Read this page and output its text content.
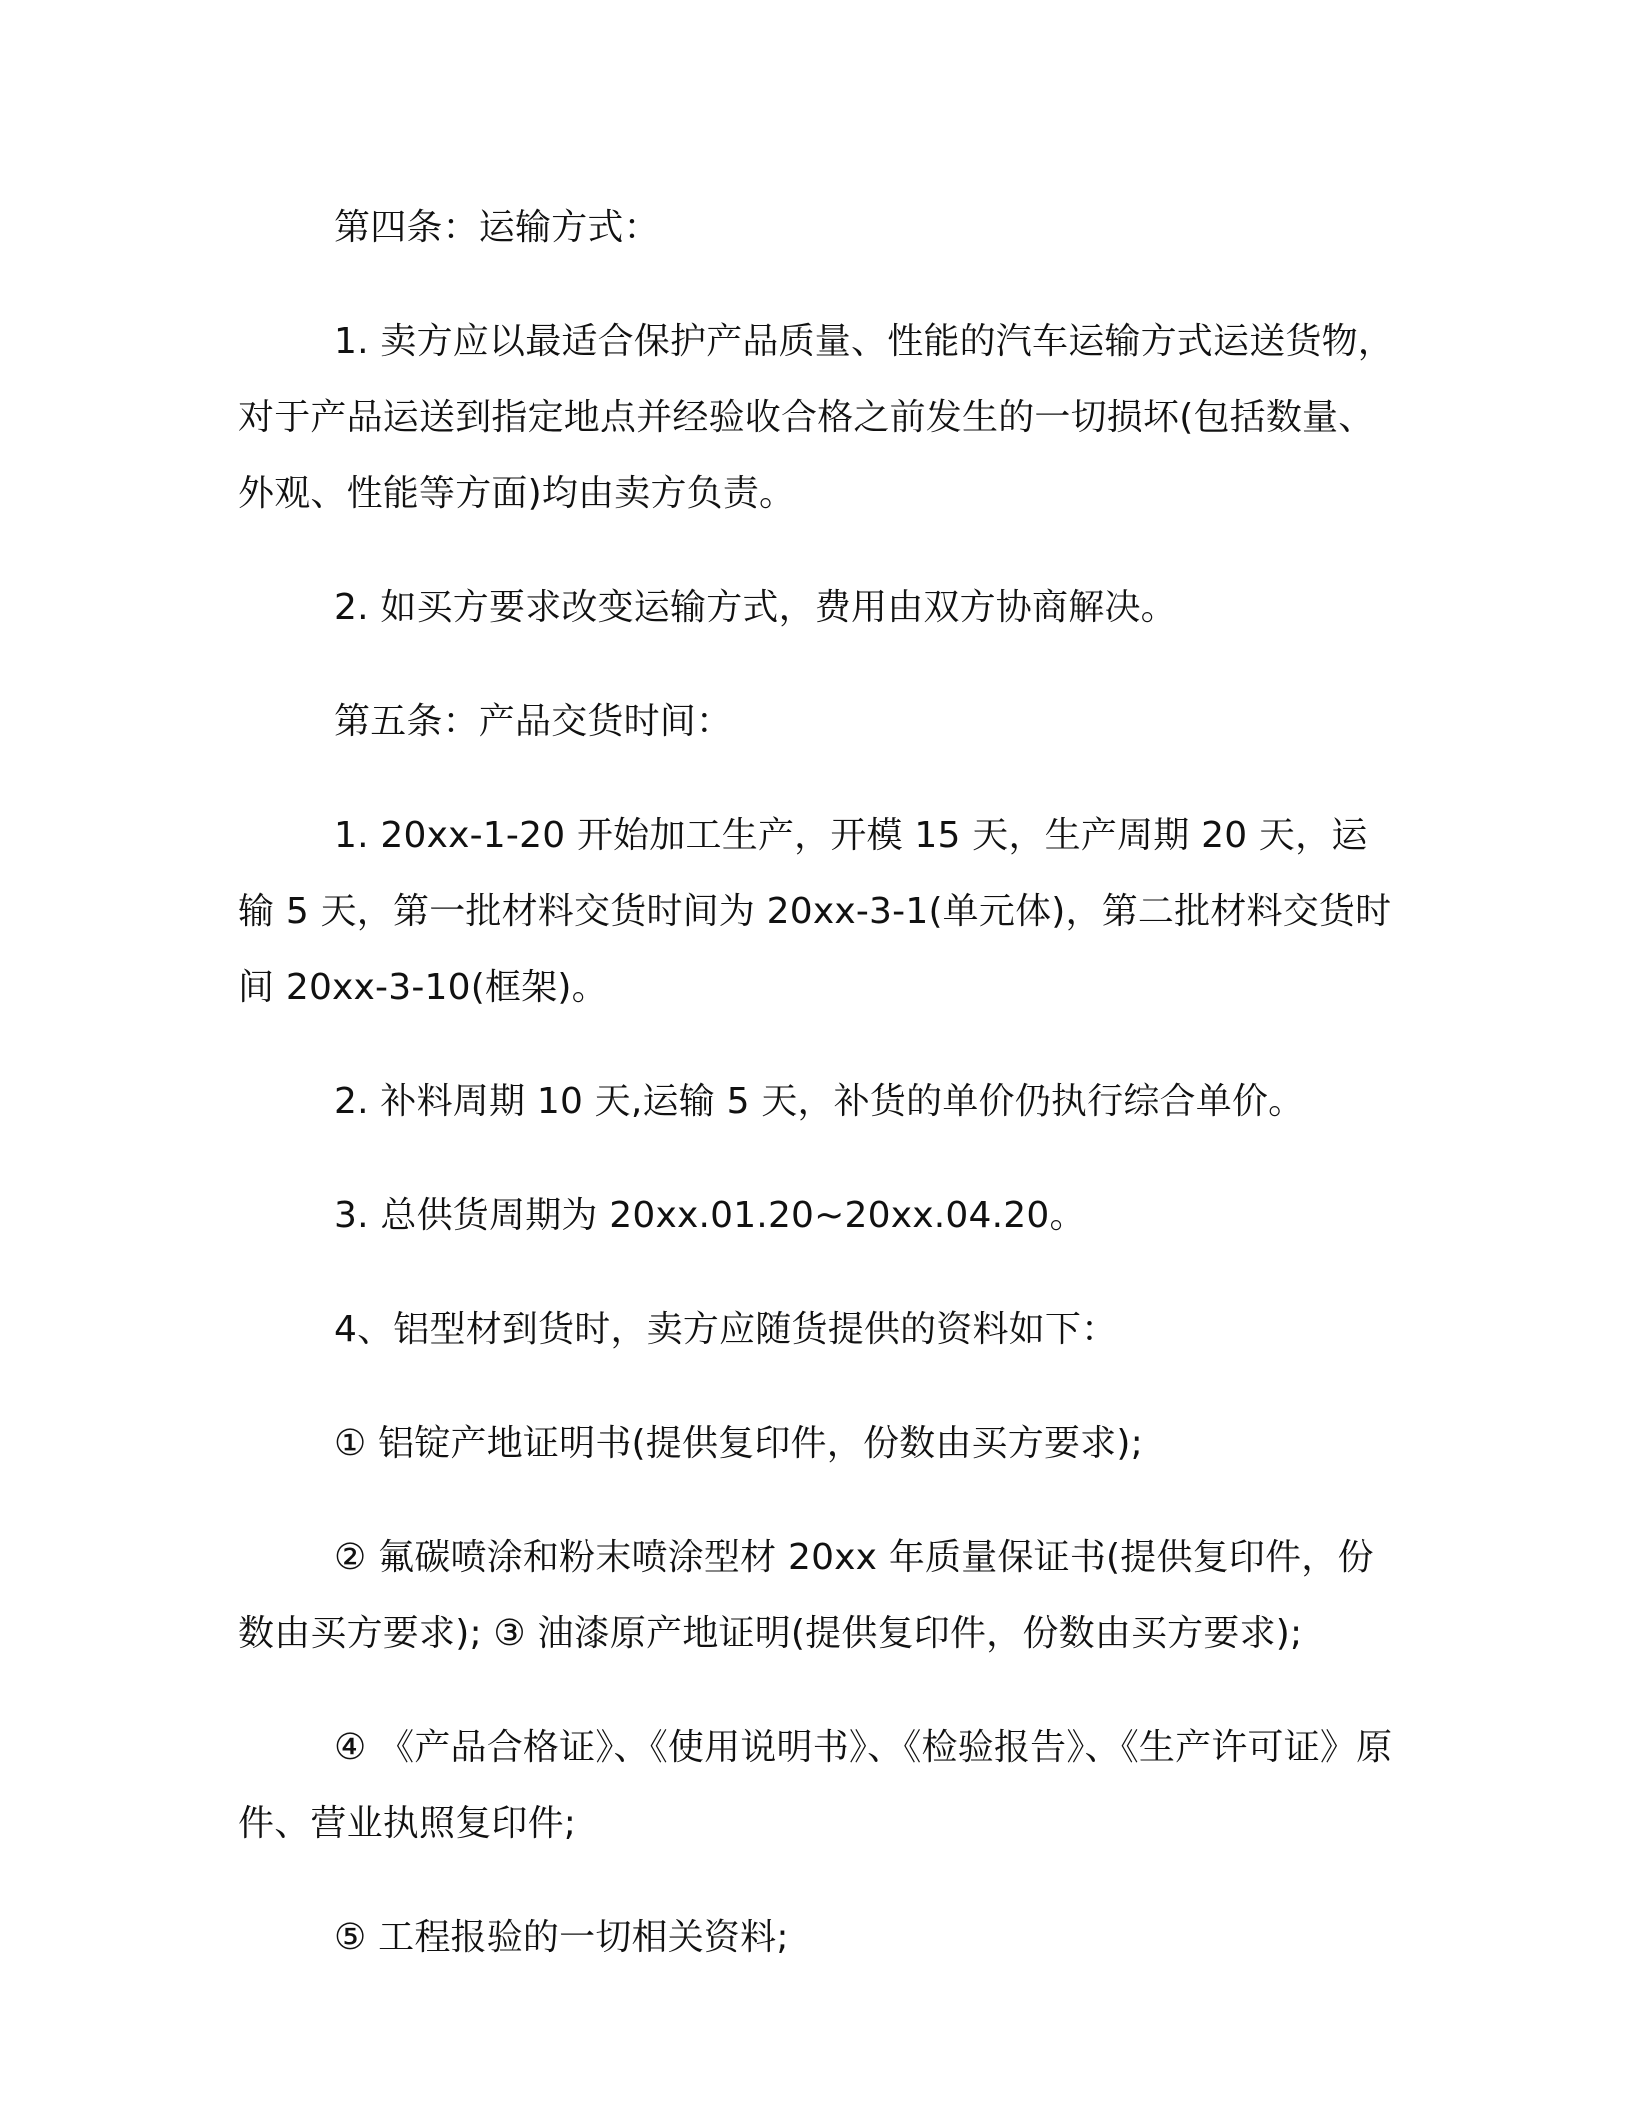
第四条：运输方式：

1. 卖方应以最适合保护产品质量、性能的汽车运输方式运送货物，对于产品运送到指定地点并经验收合格之前发生的一切损坏(包括数量、外观、性能等方面)均由卖方负责。

2. 如买方要求改变运输方式，费用由双方协商解决。

第五条：产品交货时间：

1. 20xx-1-20 开始加工生产，开模 15 天，生产周期 20 天，运输 5 天，第一批材料交货时间为 20xx-3-1(单元体)，第二批材料交货时间 20xx-3-10(框架)。

2. 补料周期 10 天,运输 5 天，补货的单价仍执行综合单价。

3. 总供货周期为 20xx.01.20~20xx.04.20。

4、铝型材到货时，卖方应随货提供的资料如下：

① 铝锭产地证明书(提供复印件，份数由买方要求);

② 氟碳喷涂和粉末喷涂型材 20xx 年质量保证书(提供复印件，份数由买方要求); ③ 油漆原产地证明(提供复印件，份数由买方要求);

④ 《产品合格证》、《使用说明书》、《检验报告》、《生产许可证》原件、营业执照复印件;

⑤ 工程报验的一切相关资料;
